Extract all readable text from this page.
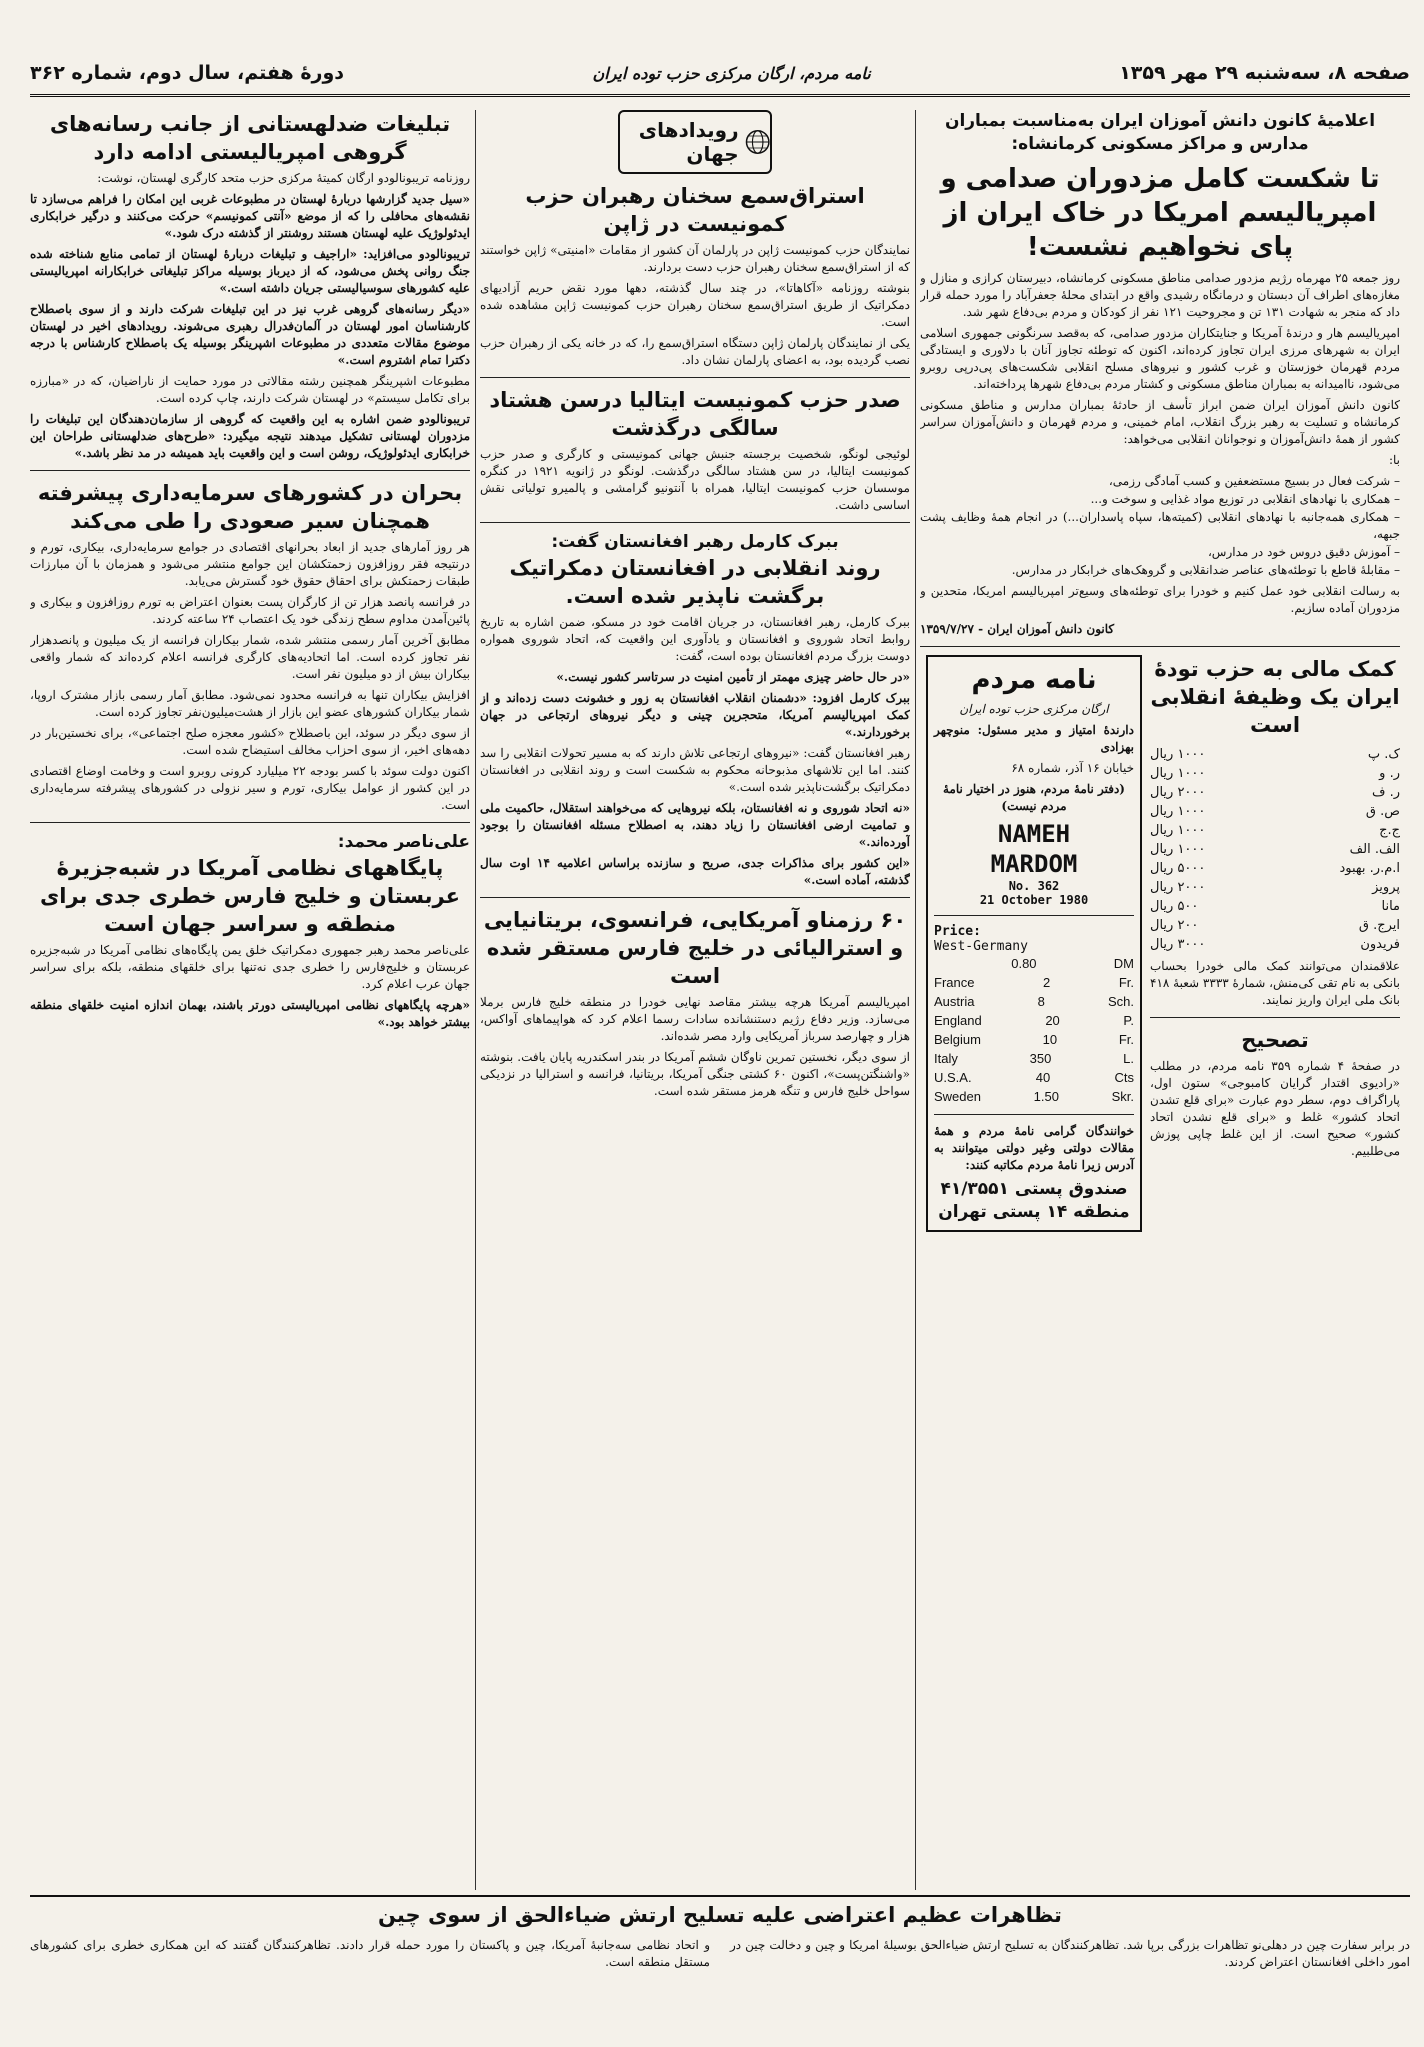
صفحه ۸، سه‌شنبه ۲۹ مهر ۱۳۵۹
نامه مردم، ارگان مرکزی حزب توده ایران
دورهٔ هفتم، سال دوم، شماره ۳۶۲
اعلامیهٔ کانون دانش آموزان ایران به‌مناسبت بمباران مدارس و مراکز مسکونی کرمانشاه:
تا شکست کامل مزدوران صدامی و امپریالیسم امریکا در خاک ایران از پای نخواهیم نشست!

روز جمعه ۲۵ مهرماه رژیم مزدور صدامی مناطق مسکونی کرمانشاه، دبیرستان کرازی و منازل و مغازه‌های اطراف آن دبستان و درمانگاه رشیدی واقع در ابتدای محلهٔ جعفرآباد را مورد حمله قرار داد که منجر به شهادت ۱۳۱ تن و مجروحیت ۱۲۱ نفر از کودکان و مردم بی‌دفاع شهر شد.

امپریالیسم هار و درندهٔ آمریکا و جنایتکاران مزدور صدامی، که به‌قصد سرنگونی جمهوری اسلامی ایران به شهرهای مرزی ایران تجاوز کرده‌اند، اکنون که توطئه تجاوز آنان با دلاوری و ایستادگی مردم قهرمان خوزستان و غرب کشور و نیروهای مسلح انقلابی شکست‌های پی‌درپی روبرو می‌شود، ناامیدانه به بمباران مناطق مسکونی و کشتار مردم بی‌دفاع شهرها پرداخته‌اند.

کانون دانش آموزان ایران ضمن ابراز تأسف از حادثهٔ بمباران مدارس و مناطق مسکونی کرمانشاه و تسلیت به رهبر بزرگ انقلاب، امام خمینی، و مردم قهرمان و دانش‌آموزان سراسر کشور از همهٔ دانش‌آموزان و نوجوانان انقلابی می‌خواهد:

با:

– شرکت فعال در بسیج مستضعفین و کسب آمادگی رزمی،

– همکاری با نهادهای انقلابی در توزیع مواد غذایی و سوخت و...

– همکاری همه‌جانبه با نهادهای انقلابی (کمیته‌ها، سپاه پاسداران...) در انجام همهٔ وظایف پشت جبهه،

– آموزش دقیق دروس خود در مدارس،

– مقابلهٔ قاطع با توطئه‌های عناصر ضدانقلابی و گروهک‌های خرابکار در مدارس.

به رسالت انقلابی خود عمل کنیم و خودرا برای توطئه‌های وسیع‌تر امپریالیسم امریکا، متحدین و مزدوران آماده سازیم.

کانون دانش آموزان ایران - ۱۳۵۹/۷/۲۷

کمک مالی به حزب تودهٔ ایران یک وظیفهٔ انقلابی است
ک. پ
۱۰۰۰ ریال
ر. و
۱۰۰۰ ریال
ر. ف
۲۰۰۰ ریال
ص. ق
۱۰۰۰ ریال
ج.ج
۱۰۰۰ ریال
الف. الف
۱۰۰۰ ریال
ا.م.ر. بهبود
۵۰۰۰ ریال
پرویز
۲۰۰۰ ریال
مانا
۵۰۰ ریال
ایرج. ق
۲۰۰ ریال
فریدون
۳۰۰۰ ریال

علاقمندان می‌توانند کمک مالی خودرا بحساب بانکی به نام تقی کی‌منش، شمارهٔ ۳۳۳۳ شعبهٔ ۴۱۸ بانک ملی ایران واریز نمایند.

تصحیح

در صفحهٔ ۴ شماره ۳۵۹ نامه مردم، در مطلب «رادیوی اقتدار گرایان کامبوجی» ستون اول، پاراگراف دوم، سطر دوم عبارت «برای قلع تشدن اتحاد کشور» غلط و «برای قلع نشدن اتحاد کشور» صحیح است. از این غلط چاپی پوزش می‌طلبیم.

نامه مردم

ارگان مرکزی حزب توده ایران

دارندهٔ امتیاز و مدیر مسئول: منوچهر بهزادی

خیابان ۱۶ آذر، شماره ۶۸

(دفتر نامهٔ مردم، هنوز در اختیار نامهٔ مردم نیست)

NAMEH
MARDOM
No. 362
21 October 1980
Price:
West-Germany
0.80	DM
France	2	Fr.
Austria	8	Sch.
England	20	P.
Belgium	10	Fr.
Italy	350	L.
U.S.A.	40	Cts
Sweden	1.50	Skr.

خوانندگان گرامی نامهٔ مردم و همهٔ مقالات دولتی وغیر دولتی میتوانند به آدرس زیرا نامهٔ مردم مکاتبه کنند:

صندوق پستی ۴۱/۳۵۵۱ منطقه ۱۴ پستی تهران
رویدادهای جهان
استراق‌سمع سخنان رهبران حزب کمونیست در ژاپن

نمایندگان حزب کمونیست ژاپن در پارلمان آن کشور از مقامات «امنیتی» ژاپن خواستند که از استراق‌سمع سخنان رهبران حزب دست بردارند.

بنوشته روزنامه «آکاهاتا»، در چند سال گذشته، دهها مورد نقض حریم آزادیهای دمکراتیک از طریق استراق‌سمع سخنان رهبران حزب کمونیست ژاپن مشاهده شده است.

یکی از نمایندگان پارلمان ژاپن دستگاه استراق‌سمع را، که در خانه یکی از رهبران حزب نصب گردیده بود، به اعضای پارلمان نشان داد.

صدر حزب کمونیست ایتالیا درسن هشتاد سالگی درگذشت

لوئیجی لونگو، شخصیت برجسته جنبش جهانی کمونیستی و کارگری و صدر حزب کمونیست ایتالیا، در سن هشتاد سالگی درگذشت. لونگو در ژانویه ۱۹۲۱ در کنگره موسسان حزب کمونیست ایتالیا، همراه با آنتونیو گرامشی و پالمیرو تولیاتی نقش اساسی داشت.

ببرک کارمل رهبر افغانستان گفت:
روند انقلابی در افغانستان دمکراتیک برگشت ناپذیر شده است.

ببرک کارمل، رهبر افغانستان، در جریان اقامت خود در مسکو، ضمن اشاره به تاریخ روابط اتحاد شوروی و افغانستان و یادآوری این واقعیت که، اتحاد شوروی همواره دوست بزرگ مردم افغانستان بوده است، گفت:

«در حال حاضر چیزی مهمتر از تأمین امنیت در سرتاسر کشور نیست.»

ببرک کارمل افزود: «دشمنان انقلاب افغانستان به زور و خشونت دست زده‌اند و از کمک امپریالیسم آمریکا، متحجرین چینی و دیگر نیروهای ارتجاعی در جهان برخوردارند.»

رهبر افغانستان گفت: «نیروهای ارتجاعی تلاش دارند که به مسیر تحولات انقلابی را سد کنند. اما این تلاشهای مذبوحانه محکوم به شکست است و روند انقلابی در افغانستان دمکراتیک برگشت‌ناپذیر شده است.»

«نه اتحاد شوروی و نه افغانستان، بلکه نیروهایی که می‌خواهند استقلال، حاکمیت ملی و تمامیت ارضی افغانستان را زیاد دهند، به اصطلاح مسئله افغانستان را بوجود آورده‌اند.»

«این کشور برای مذاکرات جدی، صریح و سازنده براساس اعلامیه ۱۴ اوت سال گذشته، آماده است.»

۶۰ رزمناو آمریکایی، فرانسوی، بریتانیایی و استرالیائی در خلیج فارس مستقر شده است

امپریالیسم آمریکا هرچه بیشتر مقاصد نهایی خودرا در منطقه خلیج فارس برملا می‌سازد. وزیر دفاع رژیم دستنشانده سادات رسما اعلام کرد که هواپیماهای آواکس، هزار و چهارصد سرباز آمریکایی وارد مصر شده‌اند.

از سوی دیگر، نخستین تمرین ناوگان ششم آمریکا در بندر اسکندریه پایان یافت. بنوشته «واشنگتن‌پست»، اکنون ۶۰ کشتی جنگی آمریکا، بریتانیا، فرانسه و استرالیا در نزدیکی سواحل خلیج فارس و تنگه هرمز مستقر شده است.

تبلیغات ضدلهستانی از جانب رسانه‌های گروهی امپریالیستی ادامه دارد

روزنامه تریبونالودو ارگان کمیتهٔ مرکزی حزب متحد کارگری لهستان، نوشت:

«سیل جدید گزارشها دربارهٔ لهستان در مطبوعات غربی این امکان را فراهم می‌سازد تا نقشه‌های محافلی را که از موضع «آنتی کمونیسم» حرکت می‌کنند و درگیر خرابکاری ایدئولوژیک علیه لهستان هستند روشنتر از گذشته درک شود.»

تریبونالودو می‌افزاید: «اراجیف و تبلیغات دربارهٔ لهستان از تمامی منابع شناخته شده جنگ روانی پخش می‌شود، که از دیرباز بوسیله مراکز تبلیغاتی خرابکارانه امپریالیستی علیه کشورهای سوسیالیستی جریان داشته است.»

«دیگر رسانه‌های گروهی غرب نیز در این تبلیغات شرکت دارند و از سوی باصطلاح کارشناسان امور لهستان در آلمان‌فدرال رهبری می‌شوند. رویدادهای اخیر در لهستان موضوع مقالات متعددی در مطبوعات اشپرینگر بوسیله یک باصطلاح کارشناس با درجه دکترا تمام اشتروم است.»

مطبوعات اشپرینگر همچنین رشته مقالاتی در مورد حمایت از ناراضیان، که در «مبارزه برای تکامل سیستم» در لهستان شرکت دارند، چاپ کرده است.

تریبونالودو ضمن اشاره به این واقعیت که گروهی از سازمان‌دهندگان این تبلیغات را مزدوران لهستانی تشکیل میدهند نتیجه میگیرد: «طرح‌های ضدلهستانی طراحان این خرابکاری ایدئولوژیک، روشن است و این واقعیت باید همیشه در مد نظر باشد.»

بحران در کشورهای سرمایه‌داری پیشرفته همچنان سیر صعودی را طی می‌کند

هر روز آمارهای جدید از ابعاد بحرانهای اقتصادی در جوامع سرمایه‌داری، بیکاری، تورم و درنتیجه فقر روزافزون زحمتکشان این جوامع منتشر می‌شود و همزمان با آن مبارزات طبقات زحمتکش برای احقاق حقوق خود گسترش می‌یابد.

در فرانسه پانصد هزار تن از کارگران پست بعنوان اعتراض به تورم روزافزون و بیکاری و پائین‌آمدن مداوم سطح زندگی خود یک اعتصاب ۲۴ ساعته کردند.

مطابق آخرین آمار رسمی منتشر شده، شمار بیکاران فرانسه از یک میلیون و پانصدهزار نفر تجاوز کرده است. اما اتحادیه‌های کارگری فرانسه اعلام کرده‌اند که شمار واقعی بیکاران بیش از دو میلیون نفر است.

افزایش بیکاران تنها به فرانسه محدود نمی‌شود. مطابق آمار رسمی بازار مشترک اروپا، شمار بیکاران کشورهای عضو این بازار از هشت‌میلیون‌نفر تجاوز کرده است.

از سوی دیگر در سوئد، این باصطلاح «کشور معجزه صلح اجتماعی»، برای نخستین‌بار در دهه‌های اخیر، از سوی احزاب مخالف استیضاح شده است.

اکنون دولت سوئد با کسر بودجه ۲۲ میلیارد کرونی روبرو است و وخامت اوضاع اقتصادی در این کشور از عوامل بیکاری، تورم و سیر نزولی در کشورهای پیشرفته سرمایه‌داری است.

علی‌ناصر محمد:
پایگاههای نظامی آمریکا در شبه‌جزیرهٔ عربستان و خلیج فارس خطری جدی برای منطقه و سراسر جهان است

علی‌ناصر محمد رهبر جمهوری دمکراتیک خلق یمن پایگاه‌های نظامی آمریکا در شبه‌جزیره عربستان و خلیج‌فارس را خطری جدی نه‌تنها برای خلقهای منطقه، بلکه برای سراسر جهان عرب اعلام کرد.

«هرچه پایگاههای نظامی امپریالیستی دورتر باشند، بهمان اندازه امنیت خلقهای منطقه بیشتر خواهد بود.»

تظاهرات عظیم اعتراضی علیه تسلیح ارتش ضیاءالحق از سوی چین

در برابر سفارت چین در دهلی‌نو تظاهرات بزرگی برپا شد. تظاهرکنندگان به تسلیح ارتش ضیاءالحق بوسیلهٔ امریکا و چین و دخالت چین در امور داخلی افغانستان اعتراض کردند.

و اتحاد نظامی سه‌جانبهٔ آمریکا، چین و پاکستان را مورد حمله قرار دادند. تظاهرکنندگان گفتند که این همکاری خطری برای کشورهای مستقل منطقه است.
